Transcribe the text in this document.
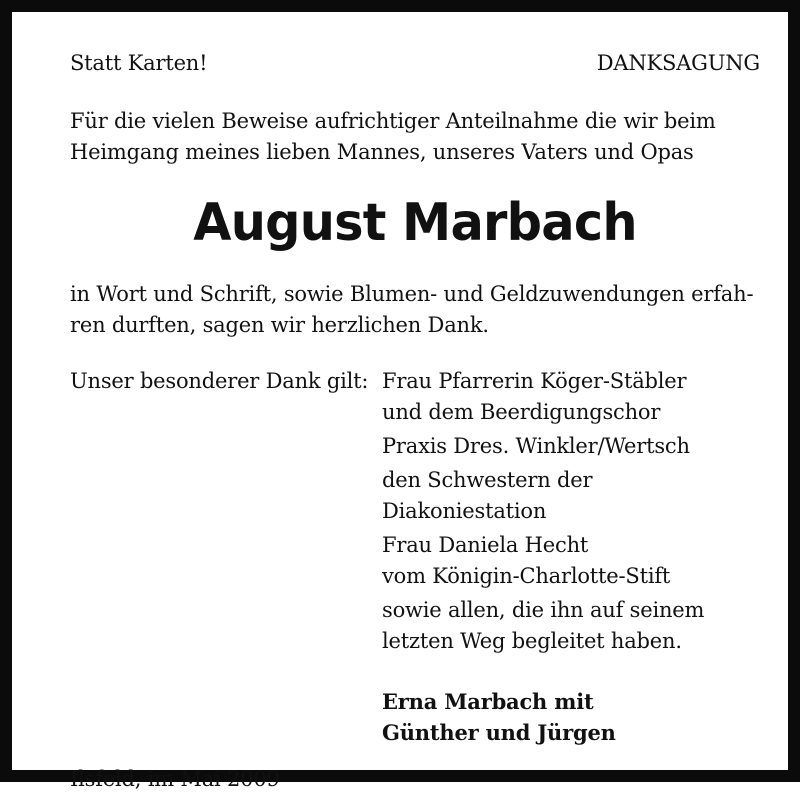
Statt Karten!	DANKSAGUNG
Für die vielen Beweise aufrichtiger Anteilnahme die wir beim
Heimgang meines lieben Mannes, unseres Vaters und Opas
August Marbach
in Wort und Schrift, sowie Blumen- und Geldzuwendungen erfah-
ren durften, sagen wir herzlichen Dank.
Unser besonderer Dank gilt: Frau Pfarrerin Köger-Stäbler
und dem Beerdigungschor
Praxis Dres. Winkler/Wertsch
den Schwestern der
Diakoniestation
Frau Daniela Hecht
vom Königin-Charlotte-Stift
sowie allen, die ihn auf seinem
letzten Weg begleitet haben.
Erna Marbach mit
Günther und Jürgen
Ilsfeld, im Mai 2009
